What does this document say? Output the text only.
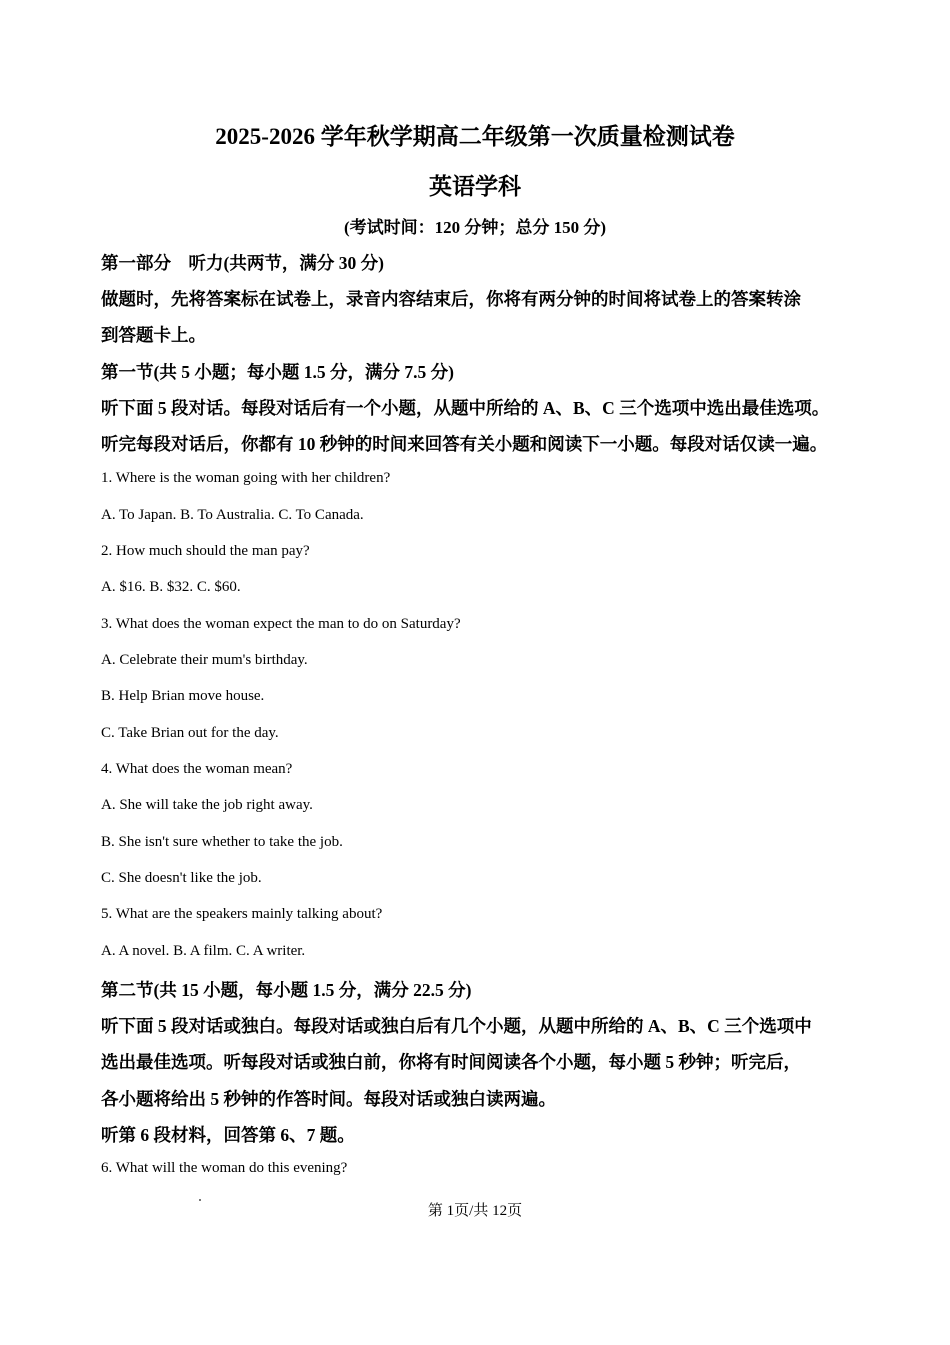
2025-2026 学年秋学期高二年级第一次质量检测试卷
英语学科
(考试时间：120 分钟；总分 150 分)
第一部分　听力(共两节，满分 30 分)
做题时，先将答案标在试卷上，录音内容结束后，你将有两分钟的时间将试卷上的答案转涂
到答题卡上。
第一节(共 5 小题；每小题 1.5 分，满分 7.5 分)
听下面 5 段对话。每段对话后有一个小题，从题中所给的 A、B、C 三个选项中选出最佳选项。
听完每段对话后，你都有 10 秒钟的时间来回答有关小题和阅读下一小题。每段对话仅读一遍。
1. Where is the woman going with her children?
A. To Japan. B. To Australia. C. To Canada.
2. How much should the man pay?
A. $16. B. $32. C. $60.
3. What does the woman expect the man to do on Saturday?
A. Celebrate their mum's birthday.
B. Help Brian move house.
C. Take Brian out for the day.
4. What does the woman mean?
A. She will take the job right away.
B. She isn't sure whether to take the job.
C. She doesn't like the job.
5. What are the speakers mainly talking about?
A. A novel. B. A film. C. A writer.
第二节(共 15 小题，每小题 1.5 分，满分 22.5 分)
听下面 5 段对话或独白。每段对话或独白后有几个小题，从题中所给的 A、B、C 三个选项中
选出最佳选项。听每段对话或独白前，你将有时间阅读各个小题，每小题 5 秒钟；听完后，
各小题将给出 5 秒钟的作答时间。每段对话或独白读两遍。
听第 6 段材料，回答第 6、7 题。
6. What will the woman do this evening?
第 1页/共 12页
